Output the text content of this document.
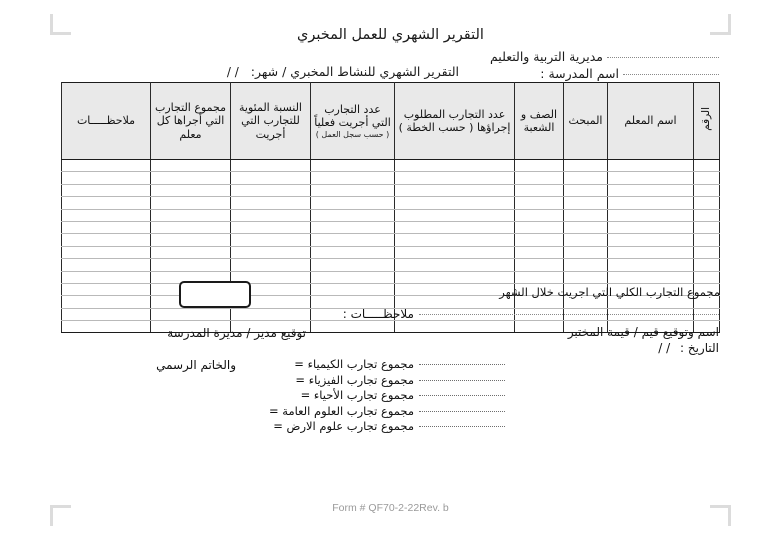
التقرير الشهري للعمل المخبري
مديرية التربية والتعليم
اسم المدرسة :
التقرير الشهري للنشاط المخبري / شهر: / /
الرقم	اسم المعلم	المبحث	الصف و الشعبة	عدد التجارب المطلوب إجراؤها ( حسب الخطة )	عدد التجارب التي أجريت فعلياً
( حسب سجل العمل )	النسبة المئوية للتجارب التي أجريت	مجموع التجارب التي أجراها كل معلم	ملاحظـــــات

مجموع التجارب الكلي التي اجريت خلال الشهر
ملاحظـــــات :
اسم وتوقيع قيم / قيمة المختبر
التاريخ : / /
توقيع مدير / مديرة المدرسة
والخاتم الرسمي	مجموع تجارب الكيمياء =
مجموع تجارب الفيزياء =
مجموع تجارب الأحياء =
مجموع تجارب العلوم العامة =
مجموع تجارب علوم الارض =
Form # QF70-2-22Rev. b
